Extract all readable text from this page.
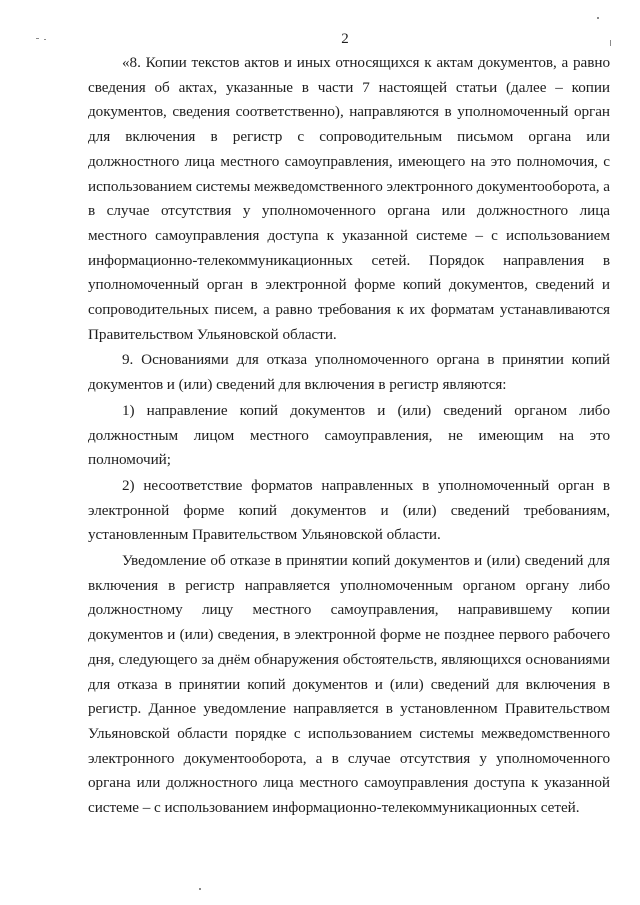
2

«8. Копии текстов актов и иных относящихся к актам документов, а равно сведения об актах, указанные в части 7 настоящей статьи (далее – копии документов, сведения соответственно), направляются в уполномоченный орган для включения в регистр с сопроводительным письмом органа или должностного лица местного самоуправления, имеющего на это полномочия, с использованием системы межведомственного электронного документооборота, а в случае отсутствия у уполномоченного органа или должностного лица местного самоуправления доступа к указанной системе – с использованием информационно-телекоммуникационных сетей. Порядок направления в уполномоченный орган в электронной форме копий документов, сведений и сопроводительных писем, а равно требования к их форматам устанавливаются Правительством Ульяновской области.

9. Основаниями для отказа уполномоченного органа в принятии копий документов и (или) сведений для включения в регистр являются:

1) направление копий документов и (или) сведений органом либо должностным лицом местного самоуправления, не имеющим на это полномочий;

2) несоответствие форматов направленных в уполномоченный орган в электронной форме копий документов и (или) сведений требованиям, установленным Правительством Ульяновской области.

Уведомление об отказе в принятии копий документов и (или) сведений для включения в регистр направляется уполномоченным органом органу либо должностному лицу местного самоуправления, направившему копии документов и (или) сведения, в электронной форме не позднее первого рабочего дня, следующего за днём обнаружения обстоятельств, являющихся основаниями для отказа в принятии копий документов и (или) сведений для включения в регистр. Данное уведомление направляется в установленном Правительством Ульяновской области порядке с использованием системы межведомственного электронного документооборота, а в случае отсутствия у уполномоченного органа или должностного лица местного самоуправления доступа к указанной системе – с использованием информационно-телекоммуникационных сетей.
